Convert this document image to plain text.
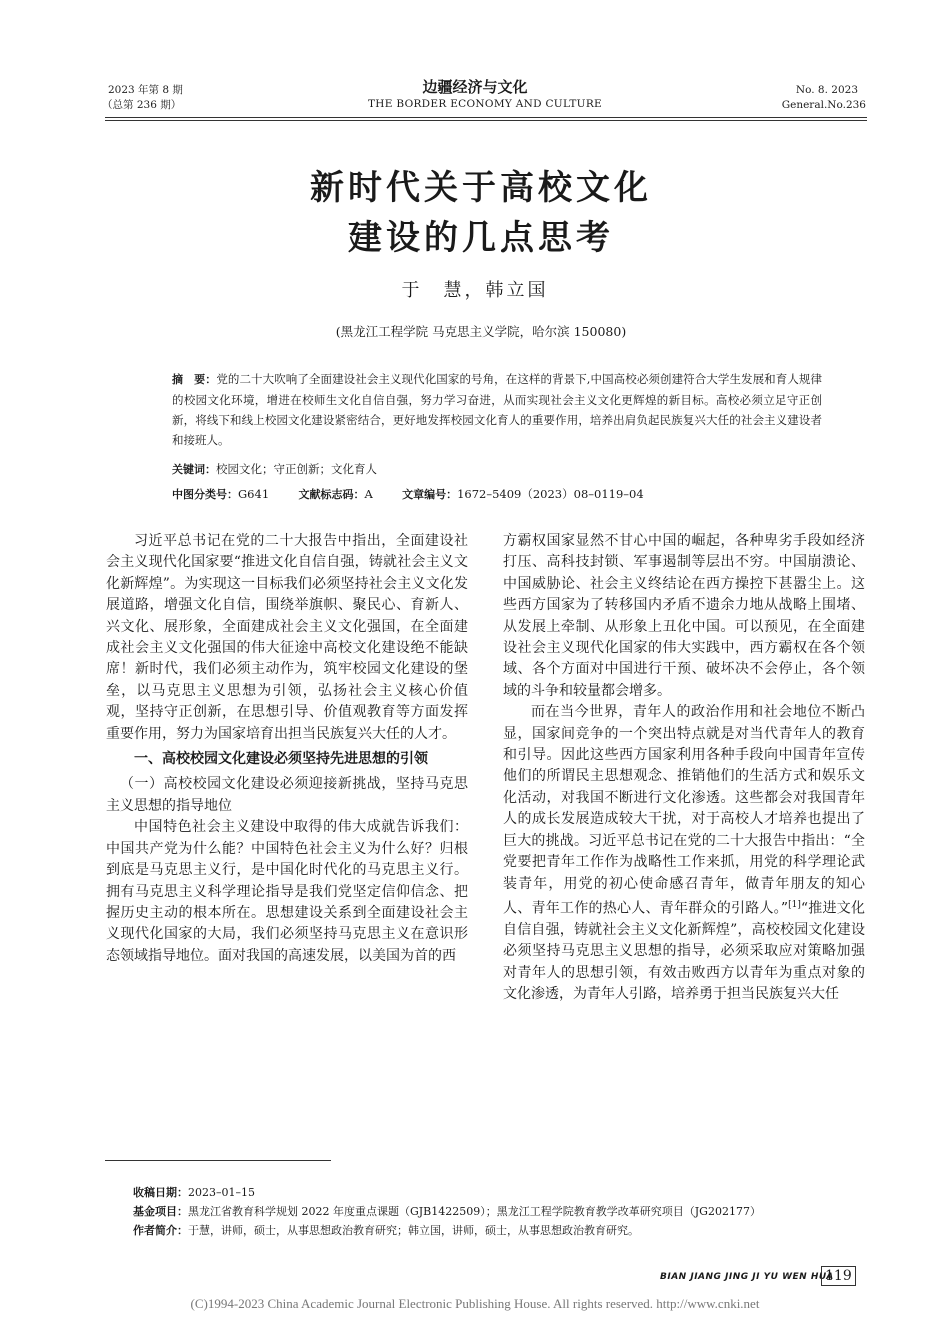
2023 年第 8 期
（总第 236 期）
边疆经济与文化
THE BORDER ECONOMY AND CULTURE
No. 8. 2023
General.No.236
新时代关于高校文化
建设的几点思考
于　慧，韩立国
(黑龙江工程学院 马克思主义学院，哈尔滨 150080)
摘　要：党的二十大吹响了全面建设社会主义现代化国家的号角，在这样的背景下,中国高校必须创建符合大学生发展和育人规律的校园文化环境，增进在校师生文化自信自强，努力学习奋进，从而实现社会主义文化更辉煌的新目标。高校必须立足守正创新，将线下和线上校园文化建设紧密结合，更好地发挥校园文化育人的重要作用，培养出肩负起民族复兴大任的社会主义建设者和接班人。
关键词：校园文化；守正创新；文化育人
中图分类号：G641	文献标志码：A	文章编号：1672–5409（2023）08–0119–04

习近平总书记在党的二十大报告中指出，全面建设社会主义现代化国家要“推进文化自信自强，铸就社会主义文化新辉煌”。为实现这一目标我们必须坚持社会主义文化发展道路，增强文化自信，围绕举旗帜、聚民心、育新人、兴文化、展形象，全面建成社会主义文化强国，在全面建成社会主义文化强国的伟大征途中高校文化建设绝不能缺席！新时代，我们必须主动作为，筑牢校园文化建设的堡垒，以马克思主义思想为引领，弘扬社会主义核心价值观，坚持守正创新，在思想引导、价值观教育等方面发挥重要作用，努力为国家培育出担当民族复兴大任的人才。

一、高校校园文化建设必须坚持先进思想的引领
（一）高校校园文化建设必须迎接新挑战，坚持马克思主义思想的指导地位

中国特色社会主义建设中取得的伟大成就告诉我们：中国共产党为什么能？中国特色社会主义为什么好？归根到底是马克思主义行，是中国化时代化的马克思主义行。拥有马克思主义科学理论指导是我们党坚定信仰信念、把握历史主动的根本所在。思想建设关系到全面建设社会主义现代化国家的大局，我们必须坚持马克思主义在意识形态领域指导地位。面对我国的高速发展，以美国为首的西

方霸权国家显然不甘心中国的崛起，各种卑劣手段如经济打压、高科技封锁、军事遏制等层出不穷。中国崩溃论、中国威胁论、社会主义终结论在西方操控下甚嚣尘上。这些西方国家为了转移国内矛盾不遗余力地从战略上围堵、从发展上牵制、从形象上丑化中国。可以预见，在全面建设社会主义现代化国家的伟大实践中，西方霸权在各个领域、各个方面对中国进行干预、破坏决不会停止，各个领域的斗争和较量都会增多。

而在当今世界，青年人的政治作用和社会地位不断凸显，国家间竞争的一个突出特点就是对当代青年人的教育和引导。因此这些西方国家利用各种手段向中国青年宣传他们的所谓民主思想观念、推销他们的生活方式和娱乐文化活动，对我国不断进行文化渗透。这些都会对我国青年人的成长发展造成较大干扰，对于高校人才培养也提出了巨大的挑战。习近平总书记在党的二十大报告中指出：“全党要把青年工作作为战略性工作来抓，用党的科学理论武装青年，用党的初心使命感召青年，做青年朋友的知心人、青年工作的热心人、青年群众的引路人。”[1]“推进文化自信自强，铸就社会主义文化新辉煌”，高校校园文化建设必须坚持马克思主义思想的指导，必须采取应对策略加强对青年人的思想引领，有效击败西方以青年为重点对象的文化渗透，为青年人引路，培养勇于担当民族复兴大任

收稿日期：2023–01–15
基金项目：黑龙江省教育科学规划 2022 年度重点课题（GJB1422509）；黑龙江工程学院教育教学改革研究项目（JG202177）
作者简介：于慧，讲师，硕士，从事思想政治教育研究；韩立国，讲师，硕士，从事思想政治教育研究。
BIAN JIANG JING JI YU WEN HUA
119
(C)1994-2023 China Academic Journal Electronic Publishing House. All rights reserved. http://www.cnki.net
